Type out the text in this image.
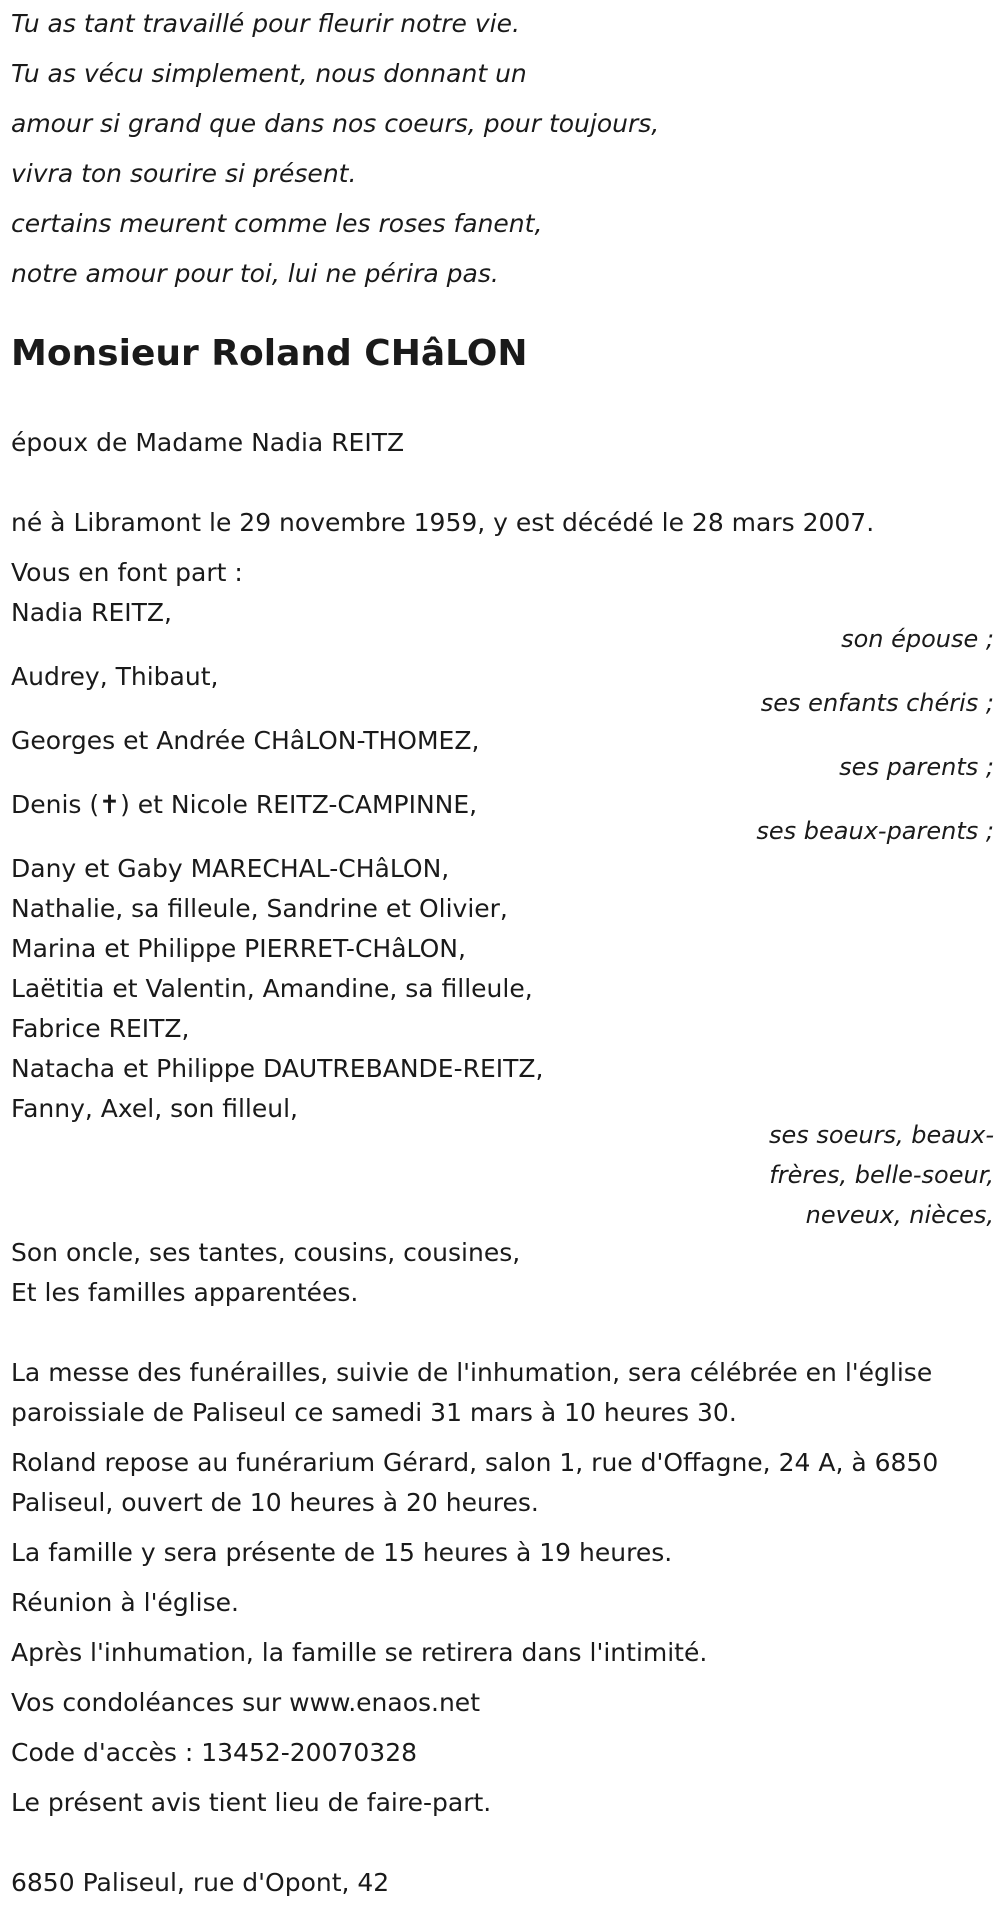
Tu as tant travaillé pour fleurir notre vie.
Tu as vécu simplement, nous donnant un
amour si grand que dans nos coeurs, pour toujours,
vivra ton sourire si présent.
certains meurent comme les roses fanent,
notre amour pour toi, lui ne périra pas.
Monsieur Roland CHâLON
époux de Madame Nadia REITZ
né à Libramont le 29 novembre 1959, y est décédé le 28 mars 2007.
Vous en font part :
Nadia REITZ,
son épouse ;
Audrey, Thibaut,
ses enfants chéris ;
Georges et Andrée CHâLON-THOMEZ,
ses parents ;
Denis (✝) et Nicole REITZ-CAMPINNE,
ses beaux-parents ;
Dany et Gaby MARECHAL-CHâLON,
Nathalie, sa filleule, Sandrine et Olivier,
Marina et Philippe PIERRET-CHâLON,
Laëtitia et Valentin, Amandine, sa filleule,
Fabrice REITZ,
Natacha et Philippe DAUTREBANDE-REITZ,
Fanny, Axel, son filleul,
ses soeurs, beaux-
frères, belle-soeur,
neveux, nièces,
Son oncle, ses tantes, cousins, cousines,
Et les familles apparentées.
La messe des funérailles, suivie de l'inhumation, sera célébrée en l'église
paroissiale de Paliseul ce samedi 31 mars à 10 heures 30.
Roland repose au funérarium Gérard, salon 1, rue d'Offagne, 24 A, à 6850
Paliseul, ouvert de 10 heures à 20 heures.
La famille y sera présente de 15 heures à 19 heures.
Réunion à l'église.
Après l'inhumation, la famille se retirera dans l'intimité.
Vos condoléances sur www.enaos.net
Code d'accès : 13452-20070328
Le présent avis tient lieu de faire-part.
6850 Paliseul, rue d'Opont, 42
